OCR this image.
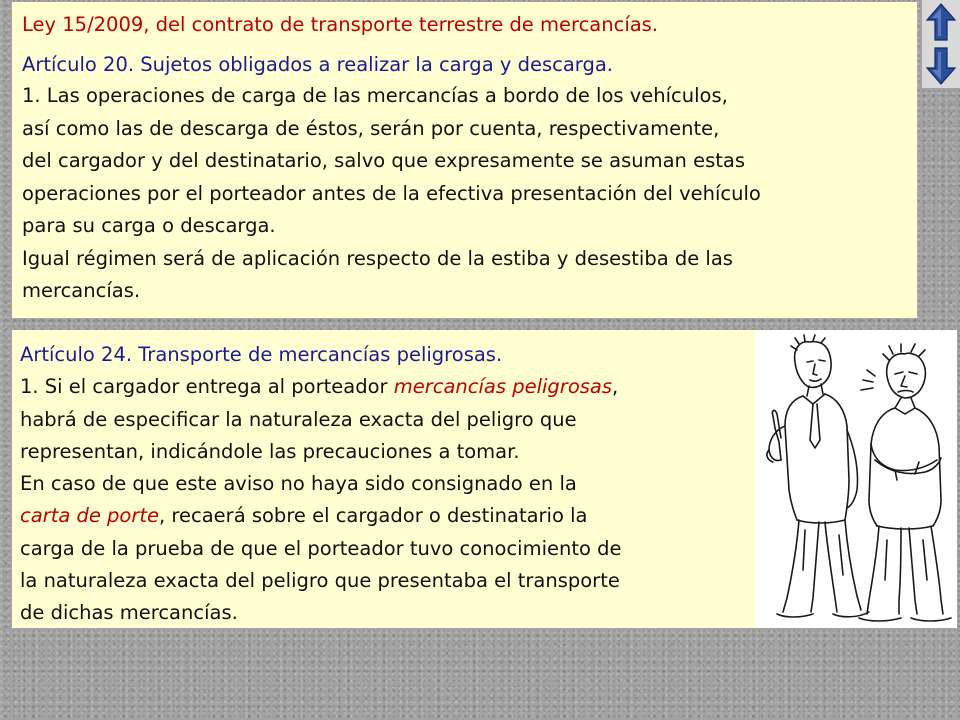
Ley 15/2009, del contrato de transporte terrestre de mercancías.
Artículo 20. Sujetos obligados a realizar la carga y descarga.
1. Las operaciones de carga de las mercancías a bordo de los vehículos,
así como las de descarga de éstos, serán por cuenta, respectivamente,
del cargador y del destinatario, salvo que expresamente se asuman estas
operaciones por el porteador antes de la efectiva presentación del vehículo
para su carga o descarga.
Igual régimen será de aplicación respecto de la estiba y desestiba de las
mercancías.
Artículo 24. Transporte de mercancías peligrosas.
1. Si el cargador entrega al porteador mercancías peligrosas,
habrá de especificar la naturaleza exacta del peligro que
representan, indicándole las precauciones a tomar.
En caso de que este aviso no haya sido consignado en la
carta de porte, recaerá sobre el cargador o destinatario la
carga de la prueba de que el porteador tuvo conocimiento de
la naturaleza exacta del peligro que presentaba el transporte
de dichas mercancías.
